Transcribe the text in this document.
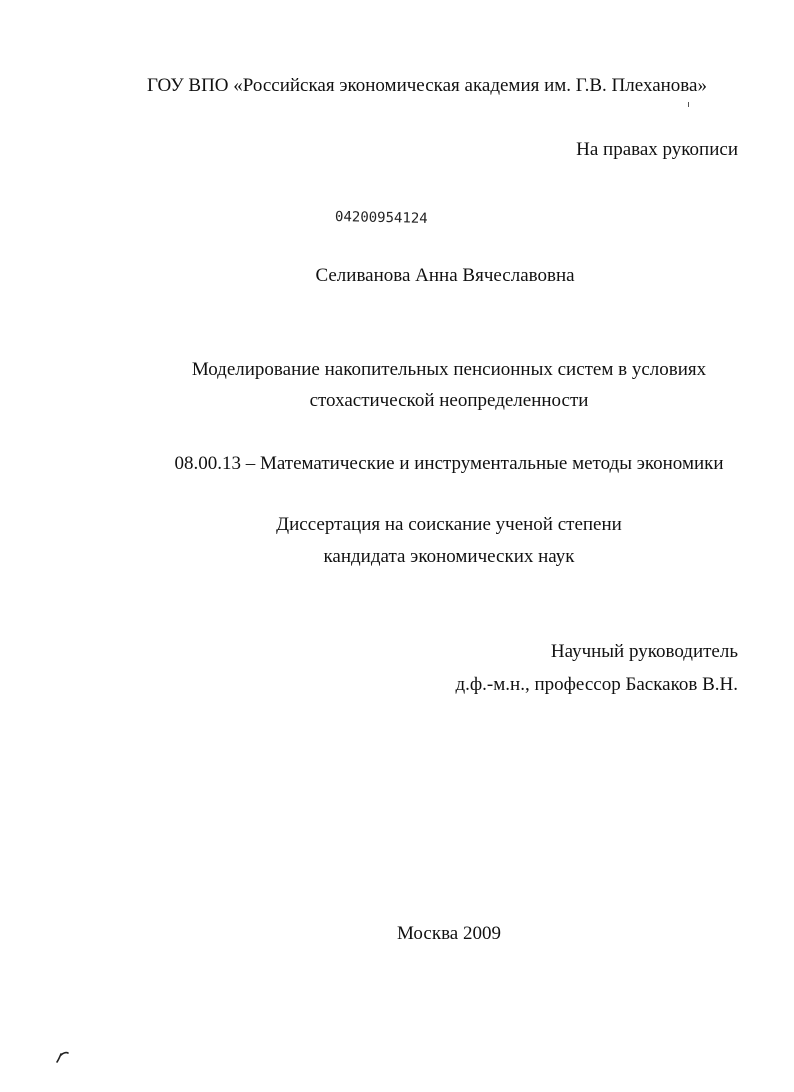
ГОУ ВПО «Российская экономическая академия им. Г.В. Плеханова»
На правах рукописи
04200954124
Селиванова Анна Вячеславовна
Моделирование накопительных пенсионных систем в условиях
стохастической неопределенности
08.00.13 – Математические и инструментальные методы экономики
Диссертация на соискание ученой степени
кандидата экономических наук
Научный руководитель
д.ф.-м.н., профессор Баскаков В.Н.
Москва 2009
